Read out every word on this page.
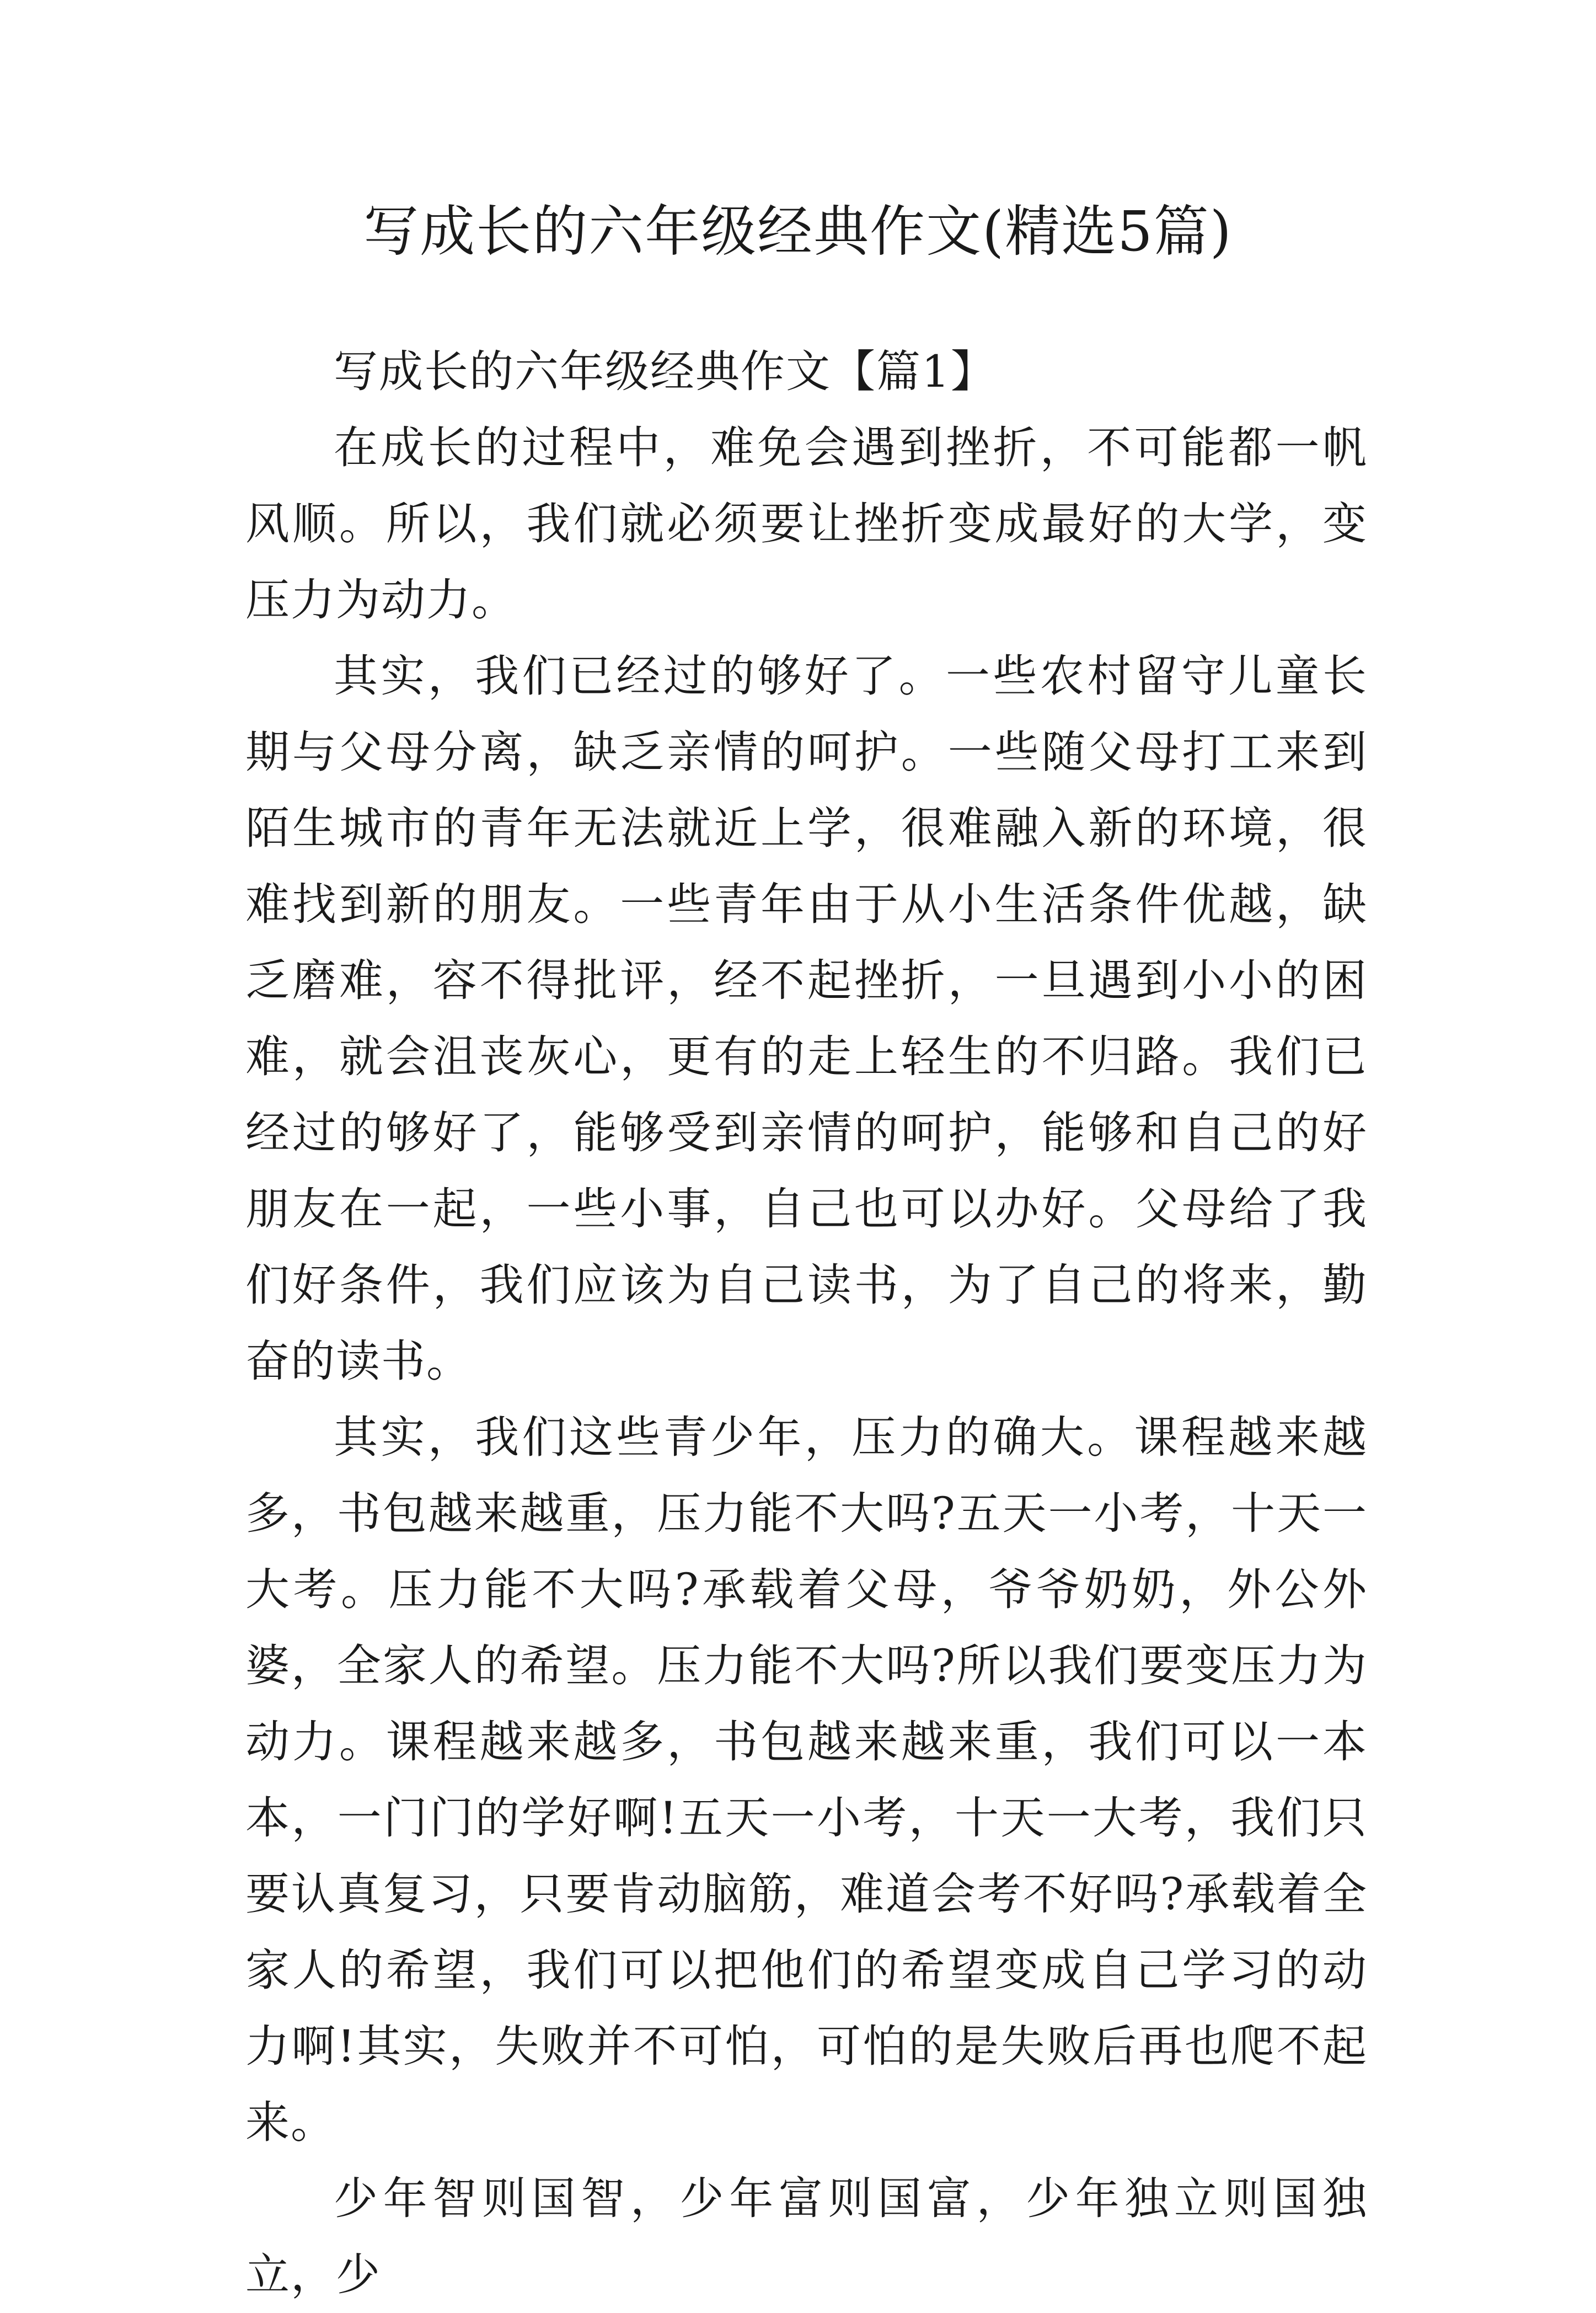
写成长的六年级经典作文(精选5篇)

写成长的六年级经典作文【篇1】

在成长的过程中，难免会遇到挫折，不可能都一帆风顺。所以，我们就必须要让挫折变成最好的大学，变压力为动力。

其实，我们已经过的够好了。一些农村留守儿童长期与父母分离，缺乏亲情的呵护。一些随父母打工来到陌生城市的青年无法就近上学，很难融入新的环境，很难找到新的朋友。一些青年由于从小生活条件优越，缺乏磨难，容不得批评，经不起挫折，一旦遇到小小的困难，就会沮丧灰心，更有的走上轻生的不归路。我们已经过的够好了，能够受到亲情的呵护，能够和自己的好朋友在一起，一些小事，自己也可以办好。父母给了我们好条件，我们应该为自己读书，为了自己的将来，勤奋的读书。

其实，我们这些青少年，压力的确大。课程越来越多，书包越来越重，压力能不大吗?五天一小考，十天一大考。压力能不大吗?承载着父母，爷爷奶奶，外公外婆，全家人的希望。压力能不大吗?所以我们要变压力为动力。课程越来越多，书包越来越来重，我们可以一本本，一门门的学好啊!五天一小考，十天一大考，我们只要认真复习，只要肯动脑筋，难道会考不好吗?承载着全家人的希望，我们可以把他们的希望变成自己学习的动力啊!其实，失败并不可怕，可怕的是失败后再也爬不起来。

少年智则国智，少年富则国富，少年独立则国独立，少
